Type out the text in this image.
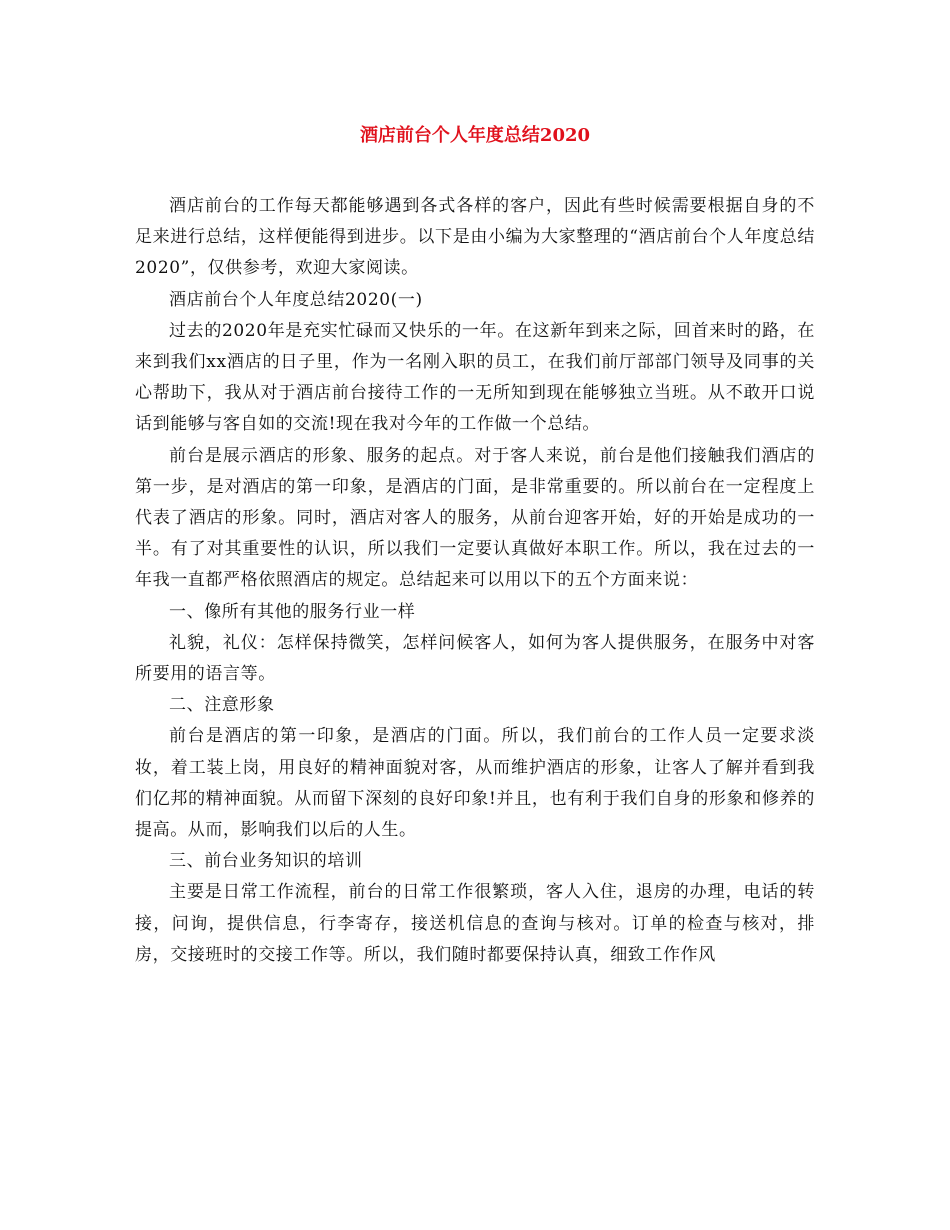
酒店前台个人年度总结2020

酒店前台的工作每天都能够遇到各式各样的客户，因此有些时候需要根据自身的不足来进行总结，这样便能得到进步。以下是由小编为大家整理的“酒店前台个人年度总结2020”，仅供参考，欢迎大家阅读。

酒店前台个人年度总结2020(一)

过去的2020年是充实忙碌而又快乐的一年。在这新年到来之际，回首来时的路，在来到我们xx酒店的日子里，作为一名刚入职的员工，在我们前厅部部门领导及同事的关心帮助下，我从对于酒店前台接待工作的一无所知到现在能够独立当班。从不敢开口说话到能够与客自如的交流!现在我对今年的工作做一个总结。

前台是展示酒店的形象、服务的起点。对于客人来说，前台是他们接触我们酒店的第一步，是对酒店的第一印象，是酒店的门面，是非常重要的。所以前台在一定程度上代表了酒店的形象。同时，酒店对客人的服务，从前台迎客开始，好的开始是成功的一半。有了对其重要性的认识，所以我们一定要认真做好本职工作。所以，我在过去的一年我一直都严格依照酒店的规定。总结起来可以用以下的五个方面来说：

一、像所有其他的服务行业一样

礼貌，礼仪：怎样保持微笑，怎样问候客人，如何为客人提供服务，在服务中对客所要用的语言等。

二、注意形象

前台是酒店的第一印象，是酒店的门面。所以，我们前台的工作人员一定要求淡妆，着工装上岗，用良好的精神面貌对客，从而维护酒店的形象，让客人了解并看到我们亿邦的精神面貌。从而留下深刻的良好印象!并且，也有利于我们自身的形象和修养的提高。从而，影响我们以后的人生。

三、前台业务知识的培训

主要是日常工作流程，前台的日常工作很繁琐，客人入住，退房的办理，电话的转接，问询，提供信息，行李寄存，接送机信息的查询与核对。订单的检查与核对，排房，交接班时的交接工作等。所以，我们随时都要保持认真，细致工作作风
